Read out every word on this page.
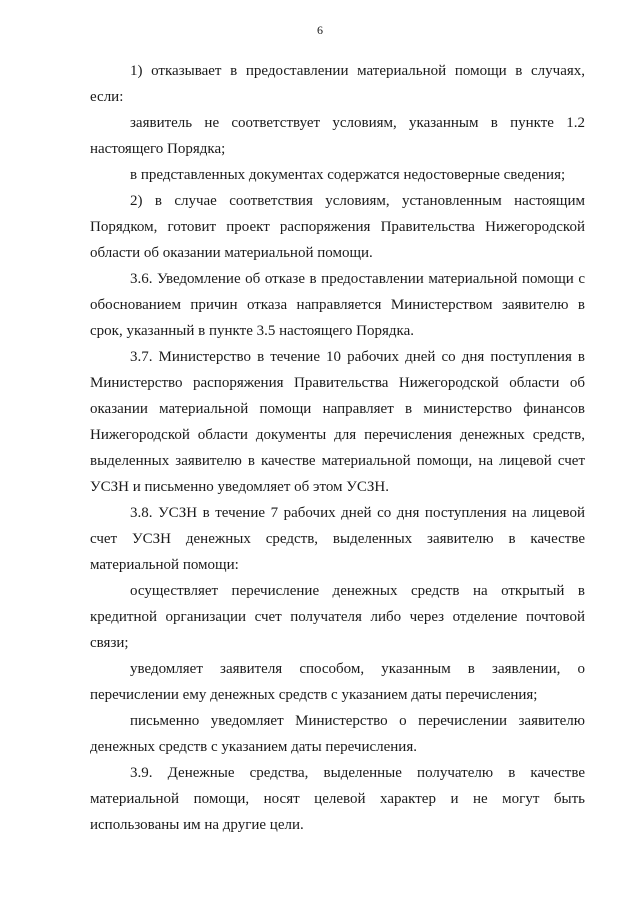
6

1) отказывает в предоставлении материальной помощи в случаях, если:

заявитель не соответствует условиям, указанным в пункте 1.2 настоящего Порядка;

в представленных документах содержатся недостоверные сведения;

2) в случае соответствия условиям, установленным настоящим Порядком, готовит проект распоряжения Правительства Нижегородской области об оказании материальной помощи.

3.6. Уведомление об отказе в предоставлении материальной помощи с обоснованием причин отказа направляется Министерством заявителю в срок, указанный в пункте 3.5 настоящего Порядка.

3.7. Министерство в течение 10 рабочих дней со дня поступления в Министерство распоряжения Правительства Нижегородской области об оказании материальной помощи направляет в министерство финансов Нижегородской области документы для перечисления денежных средств, выделенных заявителю в качестве материальной помощи, на лицевой счет УСЗН и письменно уведомляет об этом УСЗН.

3.8. УСЗН в течение 7 рабочих дней со дня поступления на лицевой счет УСЗН денежных средств, выделенных заявителю в качестве материальной помощи:

осуществляет перечисление денежных средств на открытый в кредитной организации счет получателя либо через отделение почтовой связи;

уведомляет заявителя способом, указанным в заявлении, о перечислении ему денежных средств с указанием даты перечисления;

письменно уведомляет Министерство о перечислении заявителю денежных средств с указанием даты перечисления.

3.9. Денежные средства, выделенные получателю в качестве материальной помощи, носят целевой характер и не могут быть использованы им на другие цели.
